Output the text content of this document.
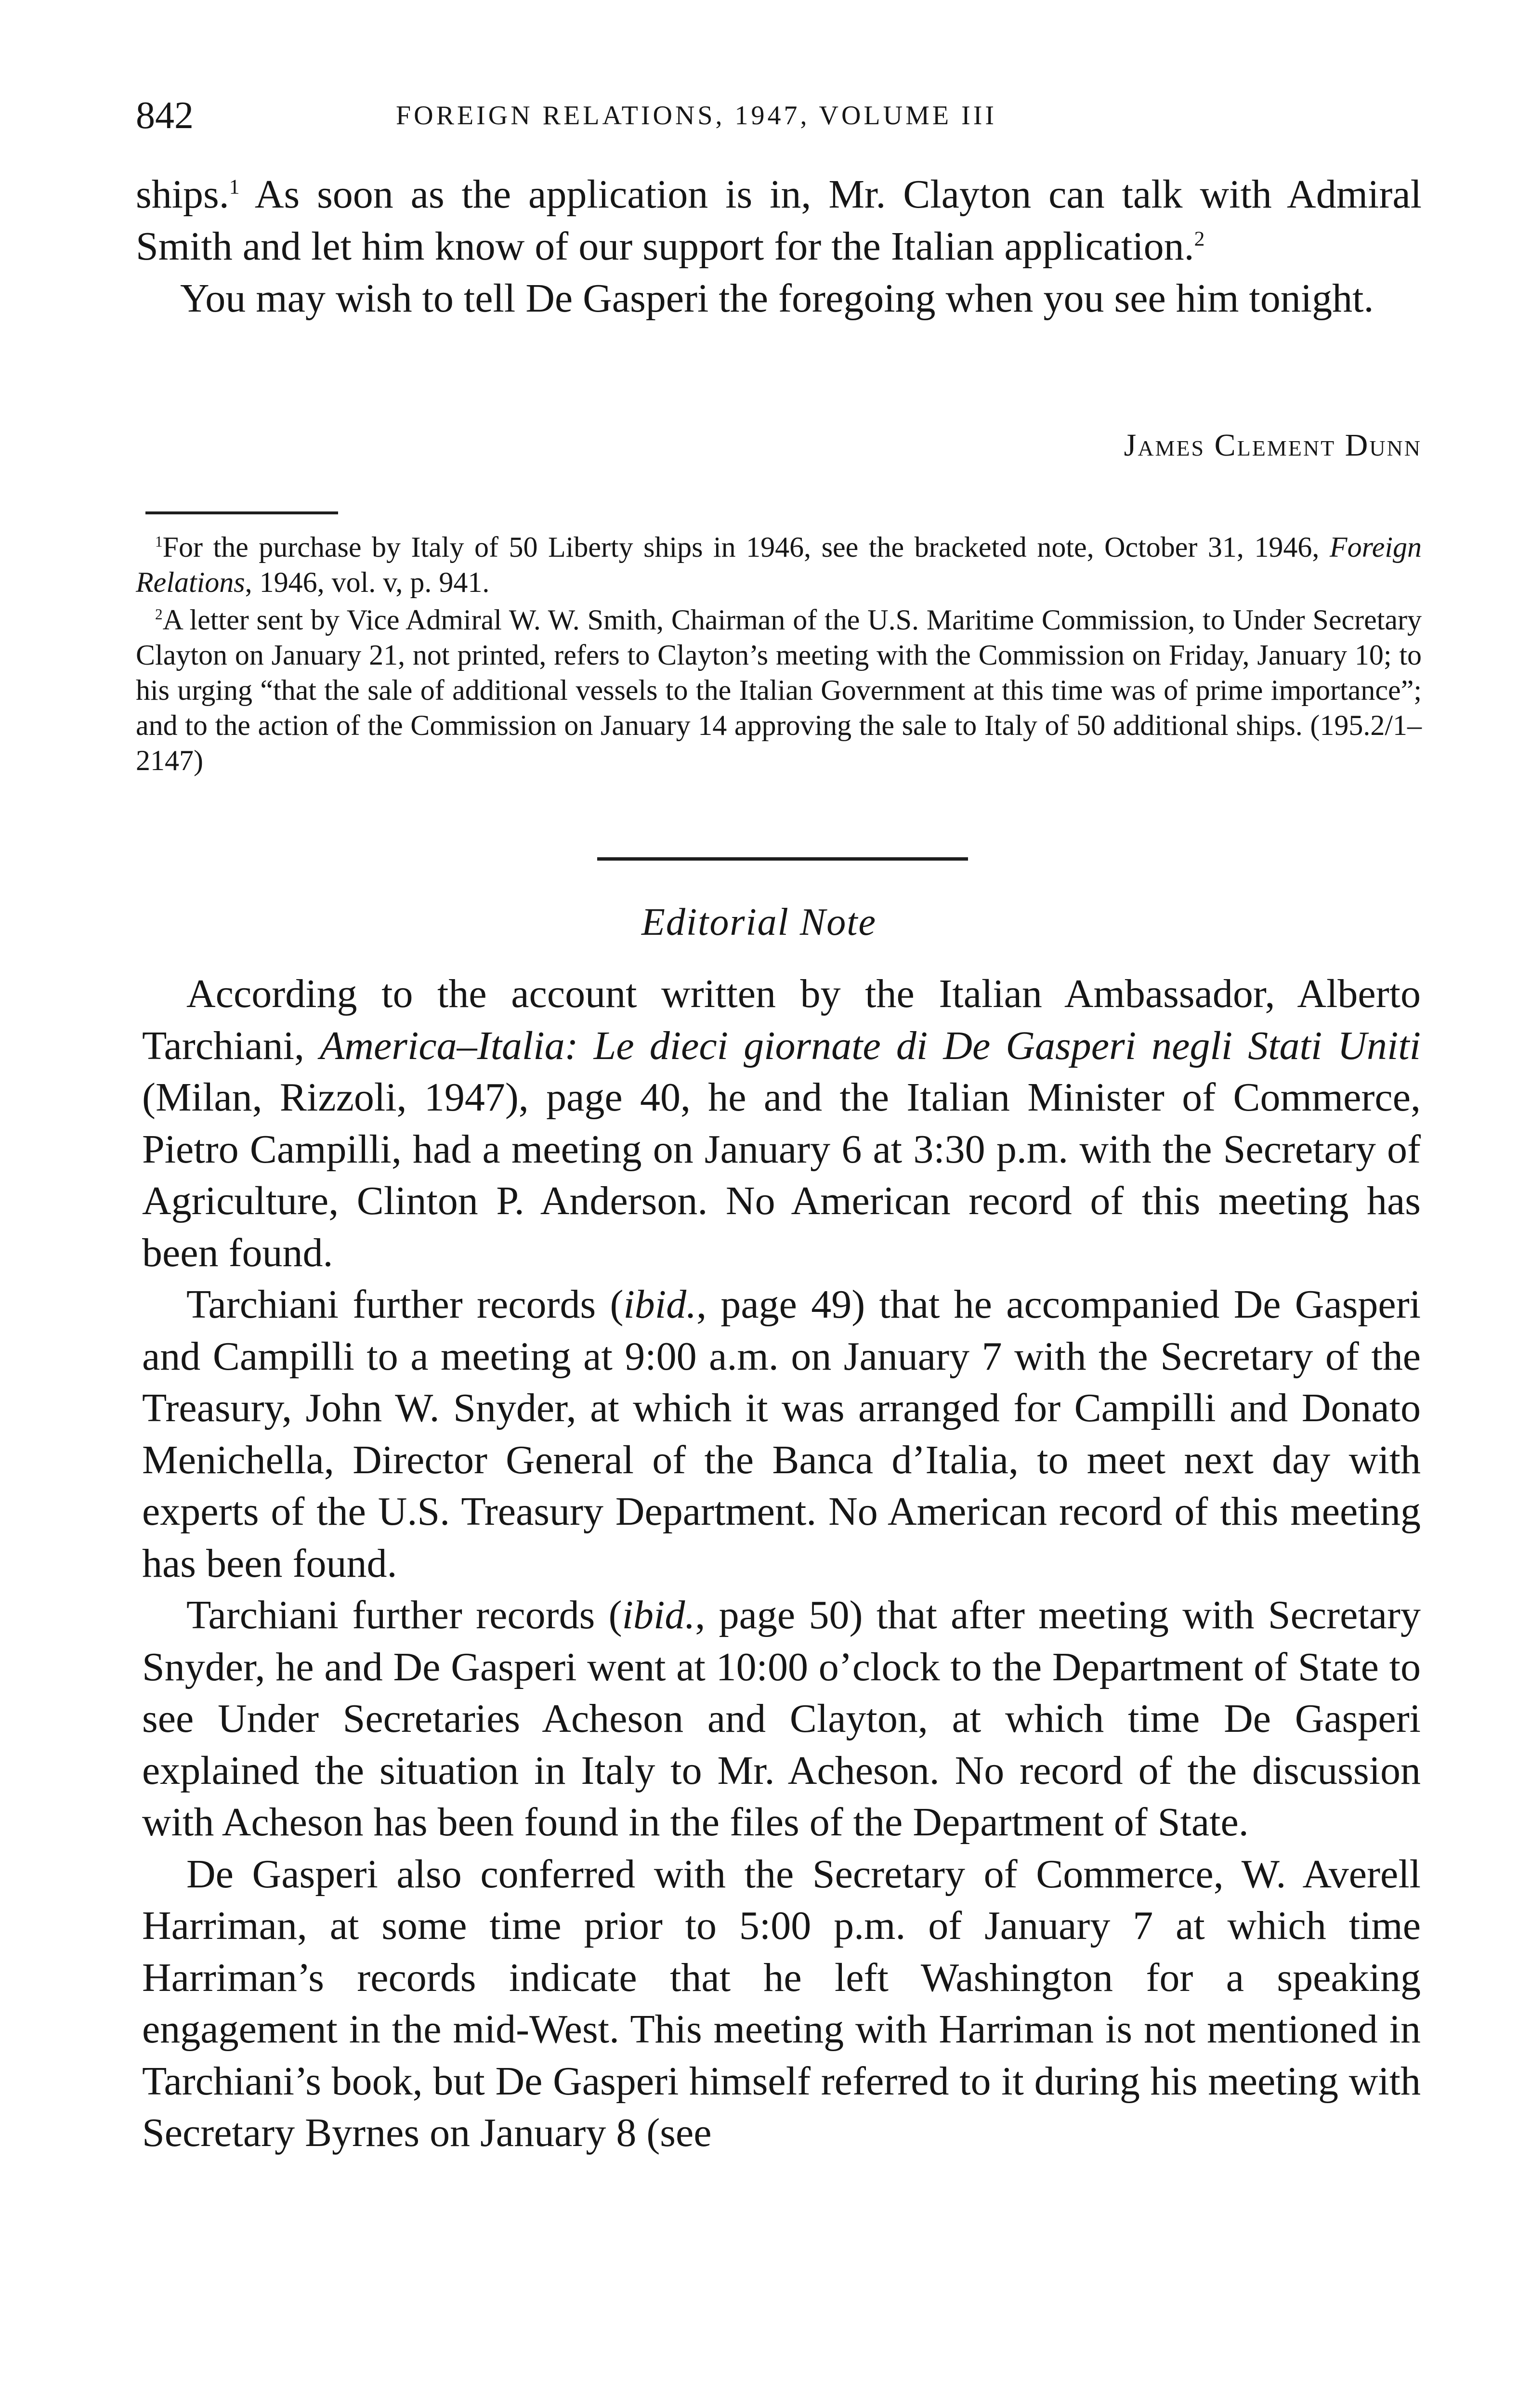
842	FOREIGN RELATIONS, 1947, VOLUME III

ships.$^1$ As soon as the application is in, Mr. Clayton can talk with Admiral Smith and let him know of our support for the Italian application.$^2$

You may wish to tell De Gasperi the foregoing when you see him tonight.

James Clement Dunn

$^1$For the purchase by Italy of 50 Liberty ships in 1946, see the bracketed note, October 31, 1946, Foreign Relations, 1946, vol. v, p. 941.

$^2$A letter sent by Vice Admiral W. W. Smith, Chairman of the U.S. Maritime Commission, to Under Secretary Clayton on January 21, not printed, refers to Clayton’s meeting with the Commission on Friday, January 10; to his urging “that the sale of additional vessels to the Italian Government at this time was of prime importance”; and to the action of the Commission on January 14 approving the sale to Italy of 50 additional ships. (195.2/1–2147)

Editorial Note

According to the account written by the Italian Ambassador, Alberto Tarchiani, America–Italia: Le dieci giornate di De Gasperi negli Stati Uniti (Milan, Rizzoli, 1947), page 40, he and the Italian Minister of Commerce, Pietro Campilli, had a meeting on January 6 at 3:30 p.m. with the Secretary of Agriculture, Clinton P. Anderson. No American record of this meeting has been found.

Tarchiani further records (ibid., page 49) that he accompanied De Gasperi and Campilli to a meeting at 9:00 a.m. on January 7 with the Secretary of the Treasury, John W. Snyder, at which it was arranged for Campilli and Donato Menichella, Director General of the Banca d’Italia, to meet next day with experts of the U.S. Treasury Department. No American record of this meeting has been found.

Tarchiani further records (ibid., page 50) that after meeting with Secretary Snyder, he and De Gasperi went at 10:00 o’clock to the Department of State to see Under Secretaries Acheson and Clayton, at which time De Gasperi explained the situation in Italy to Mr. Acheson. No record of the discussion with Acheson has been found in the files of the Department of State.

De Gasperi also conferred with the Secretary of Commerce, W. Averell Harriman, at some time prior to 5:00 p.m. of January 7 at which time Harriman’s records indicate that he left Washington for a speaking engagement in the mid-West. This meeting with Harriman is not mentioned in Tarchiani’s book, but De Gasperi himself referred to it during his meeting with Secretary Byrnes on January 8 (see
